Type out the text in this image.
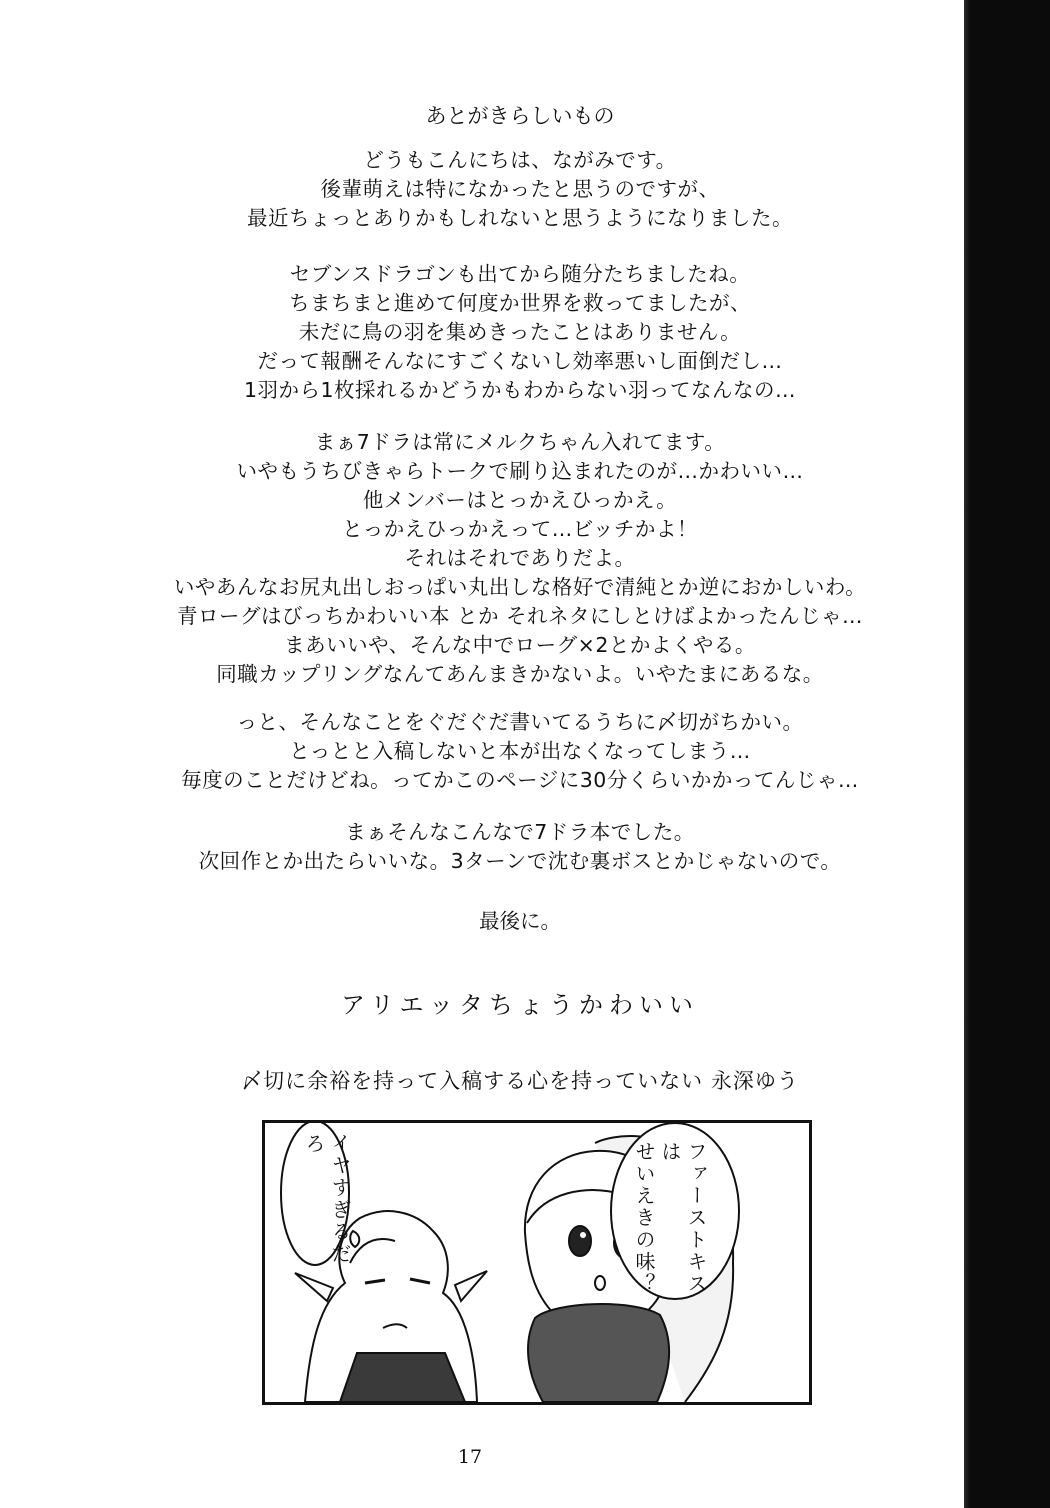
あとがきらしいもの

どうもこんにちは、ながみです。

後輩萌えは特になかったと思うのですが、

最近ちょっとありかもしれないと思うようになりました。

セブンスドラゴンも出てから随分たちましたね。

ちまちまと進めて何度か世界を救ってましたが、

未だに鳥の羽を集めきったことはありません。

だって報酬そんなにすごくないし効率悪いし面倒だし…

1羽から1枚採れるかどうかもわからない羽ってなんなの…

まぁ7ドラは常にメルクちゃん入れてます。

いやもうちびきゃらトークで刷り込まれたのが…かわいい…

他メンバーはとっかえひっかえ。

とっかえひっかえって…ビッチかよ！

それはそれでありだよ。

いやあんなお尻丸出しおっぱい丸出しな格好で清純とか逆におかしいわ。

青ローグはびっちかわいい本 とか それネタにしとけばよかったんじゃ…

まあいいや、そんな中でローグ×2とかよくやる。

同職カップリングなんてあんまきかないよ。いやたまにあるな。

っと、そんなことをぐだぐだ書いてるうちに〆切がちかい。

とっとと入稿しないと本が出なくなってしまう…

毎度のことだけどね。ってかこのページに30分くらいかかってんじゃ…

まぁそんなこんなで7ドラ本でした。

次回作とか出たらいいな。3ターンで沈む裏ボスとかじゃないので。

最後に。
アリエッタちょうかわいい
〆切に余裕を持って入稿する心を持っていない 永深ゆう
ファーストキスは
せいえきの味？
イヤすぎるだろ
17
